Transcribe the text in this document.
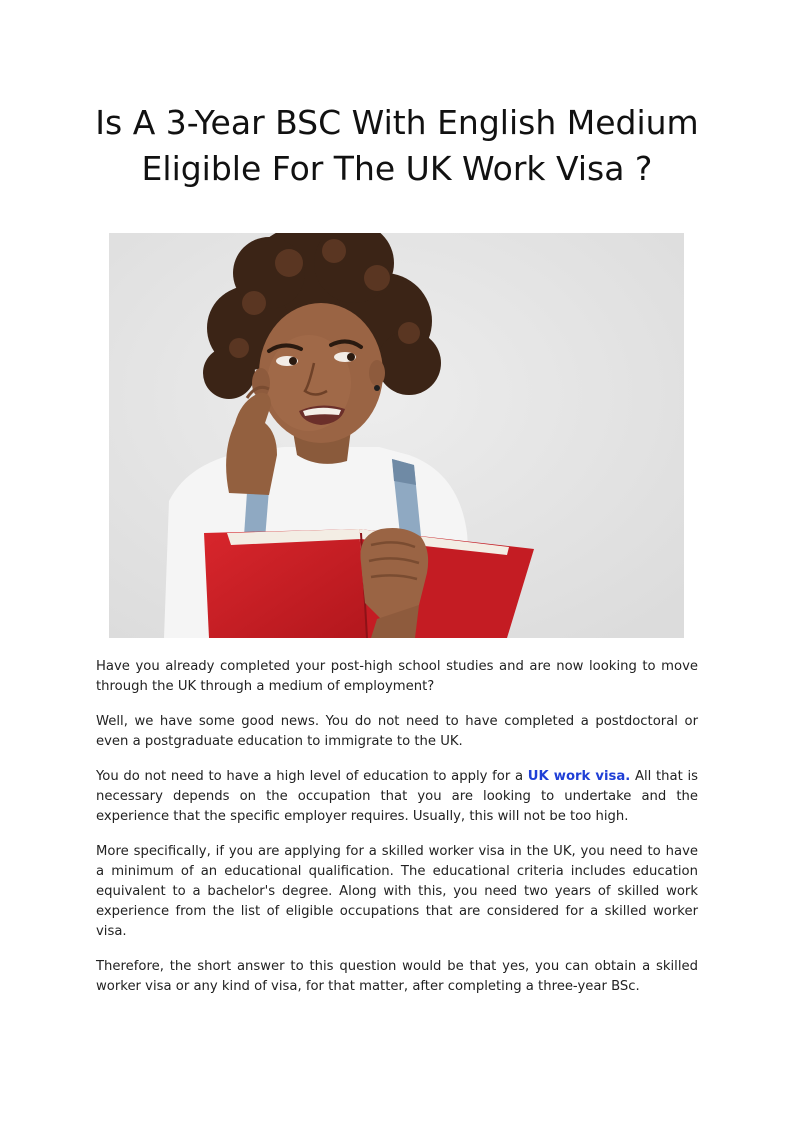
Is A 3-Year BSC With English Medium Eligible For The UK Work Visa ?

Have you already completed your post-high school studies and are now looking to move through the UK through a medium of employment?

Well, we have some good news. You do not need to have completed a postdoctoral or even a postgraduate education to immigrate to the UK.

You do not need to have a high level of education to apply for a UK work visa. All that is necessary depends on the occupation that you are looking to undertake and the experience that the specific employer requires. Usually, this will not be too high.

More specifically, if you are applying for a skilled worker visa in the UK, you need to have a minimum of an educational qualification. The educational criteria includes education equivalent to a bachelor's degree. Along with this, you need two years of skilled work experience from the list of eligible occupations that are considered for a skilled worker visa.

Therefore, the short answer to this question would be that yes, you can obtain a skilled worker visa or any kind of visa, for that matter, after completing a three-year BSc.
